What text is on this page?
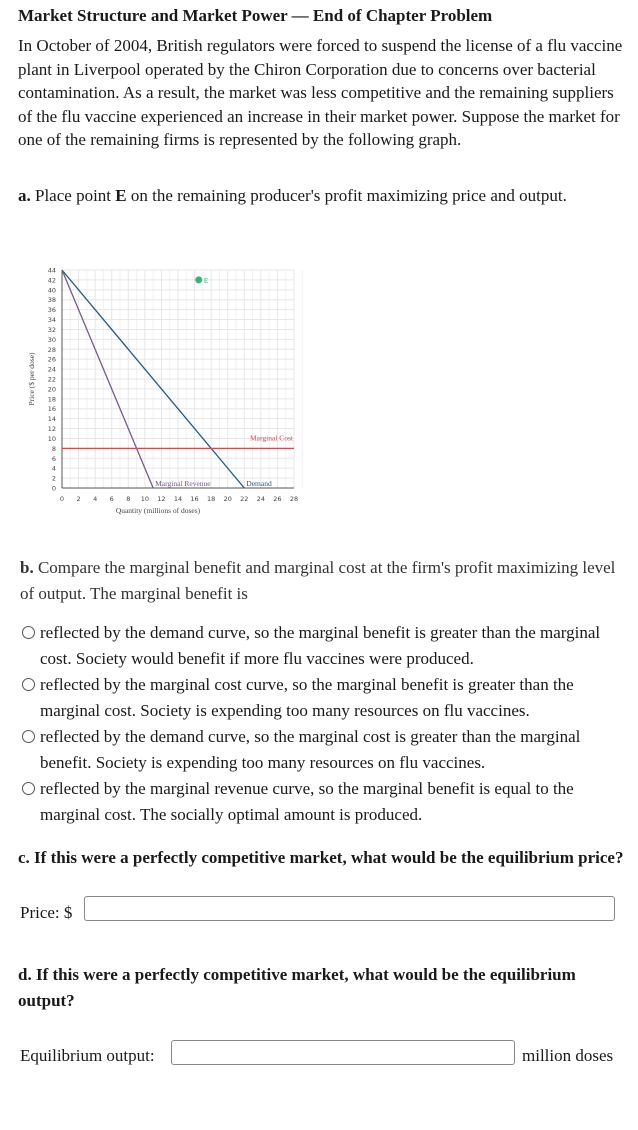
Market Structure and Market Power — End of Chapter Problem
In October of 2004, British regulators were forced to suspend the license of a flu vaccine plant in Liverpool operated by the Chiron Corporation due to concerns over bacterial contamination. As a result, the market was less competitive and the remaining suppliers of the flu vaccine experienced an increase in their market power. Suppose the market for one of the remaining firms is represented by the following graph.
a. Place point E on the remaining producer's profit maximizing price and output.
0
2
4
6
8
10
12
14
16
18
20
22
24
26
28
30
32
34
36
38
40
42
44
0 2 4 6 8 10 12 14 16 18 20 22 24 26 28
Quantity (millions of doses)
Price ($ per dose)
Demand
Marginal Revenue
Marginal Cost
E
b. Compare the marginal benefit and marginal cost at the firm's profit maximizing level of output. The marginal benefit is
reflected by the demand curve, so the marginal benefit is greater than the marginal cost. Society would benefit if more flu vaccines were produced.
reflected by the marginal cost curve, so the marginal benefit is greater than the marginal cost. Society is expending too many resources on flu vaccines.
reflected by the demand curve, so the marginal cost is greater than the marginal benefit. Society is expending too many resources on flu vaccines.
reflected by the marginal revenue curve, so the marginal benefit is equal to the marginal cost. The socially optimal amount is produced.
c. If this were a perfectly competitive market, what would be the equilibrium price?
Price: $
d. If this were a perfectly competitive market, what would be the equilibrium output?
Equilibrium output:	million doses
